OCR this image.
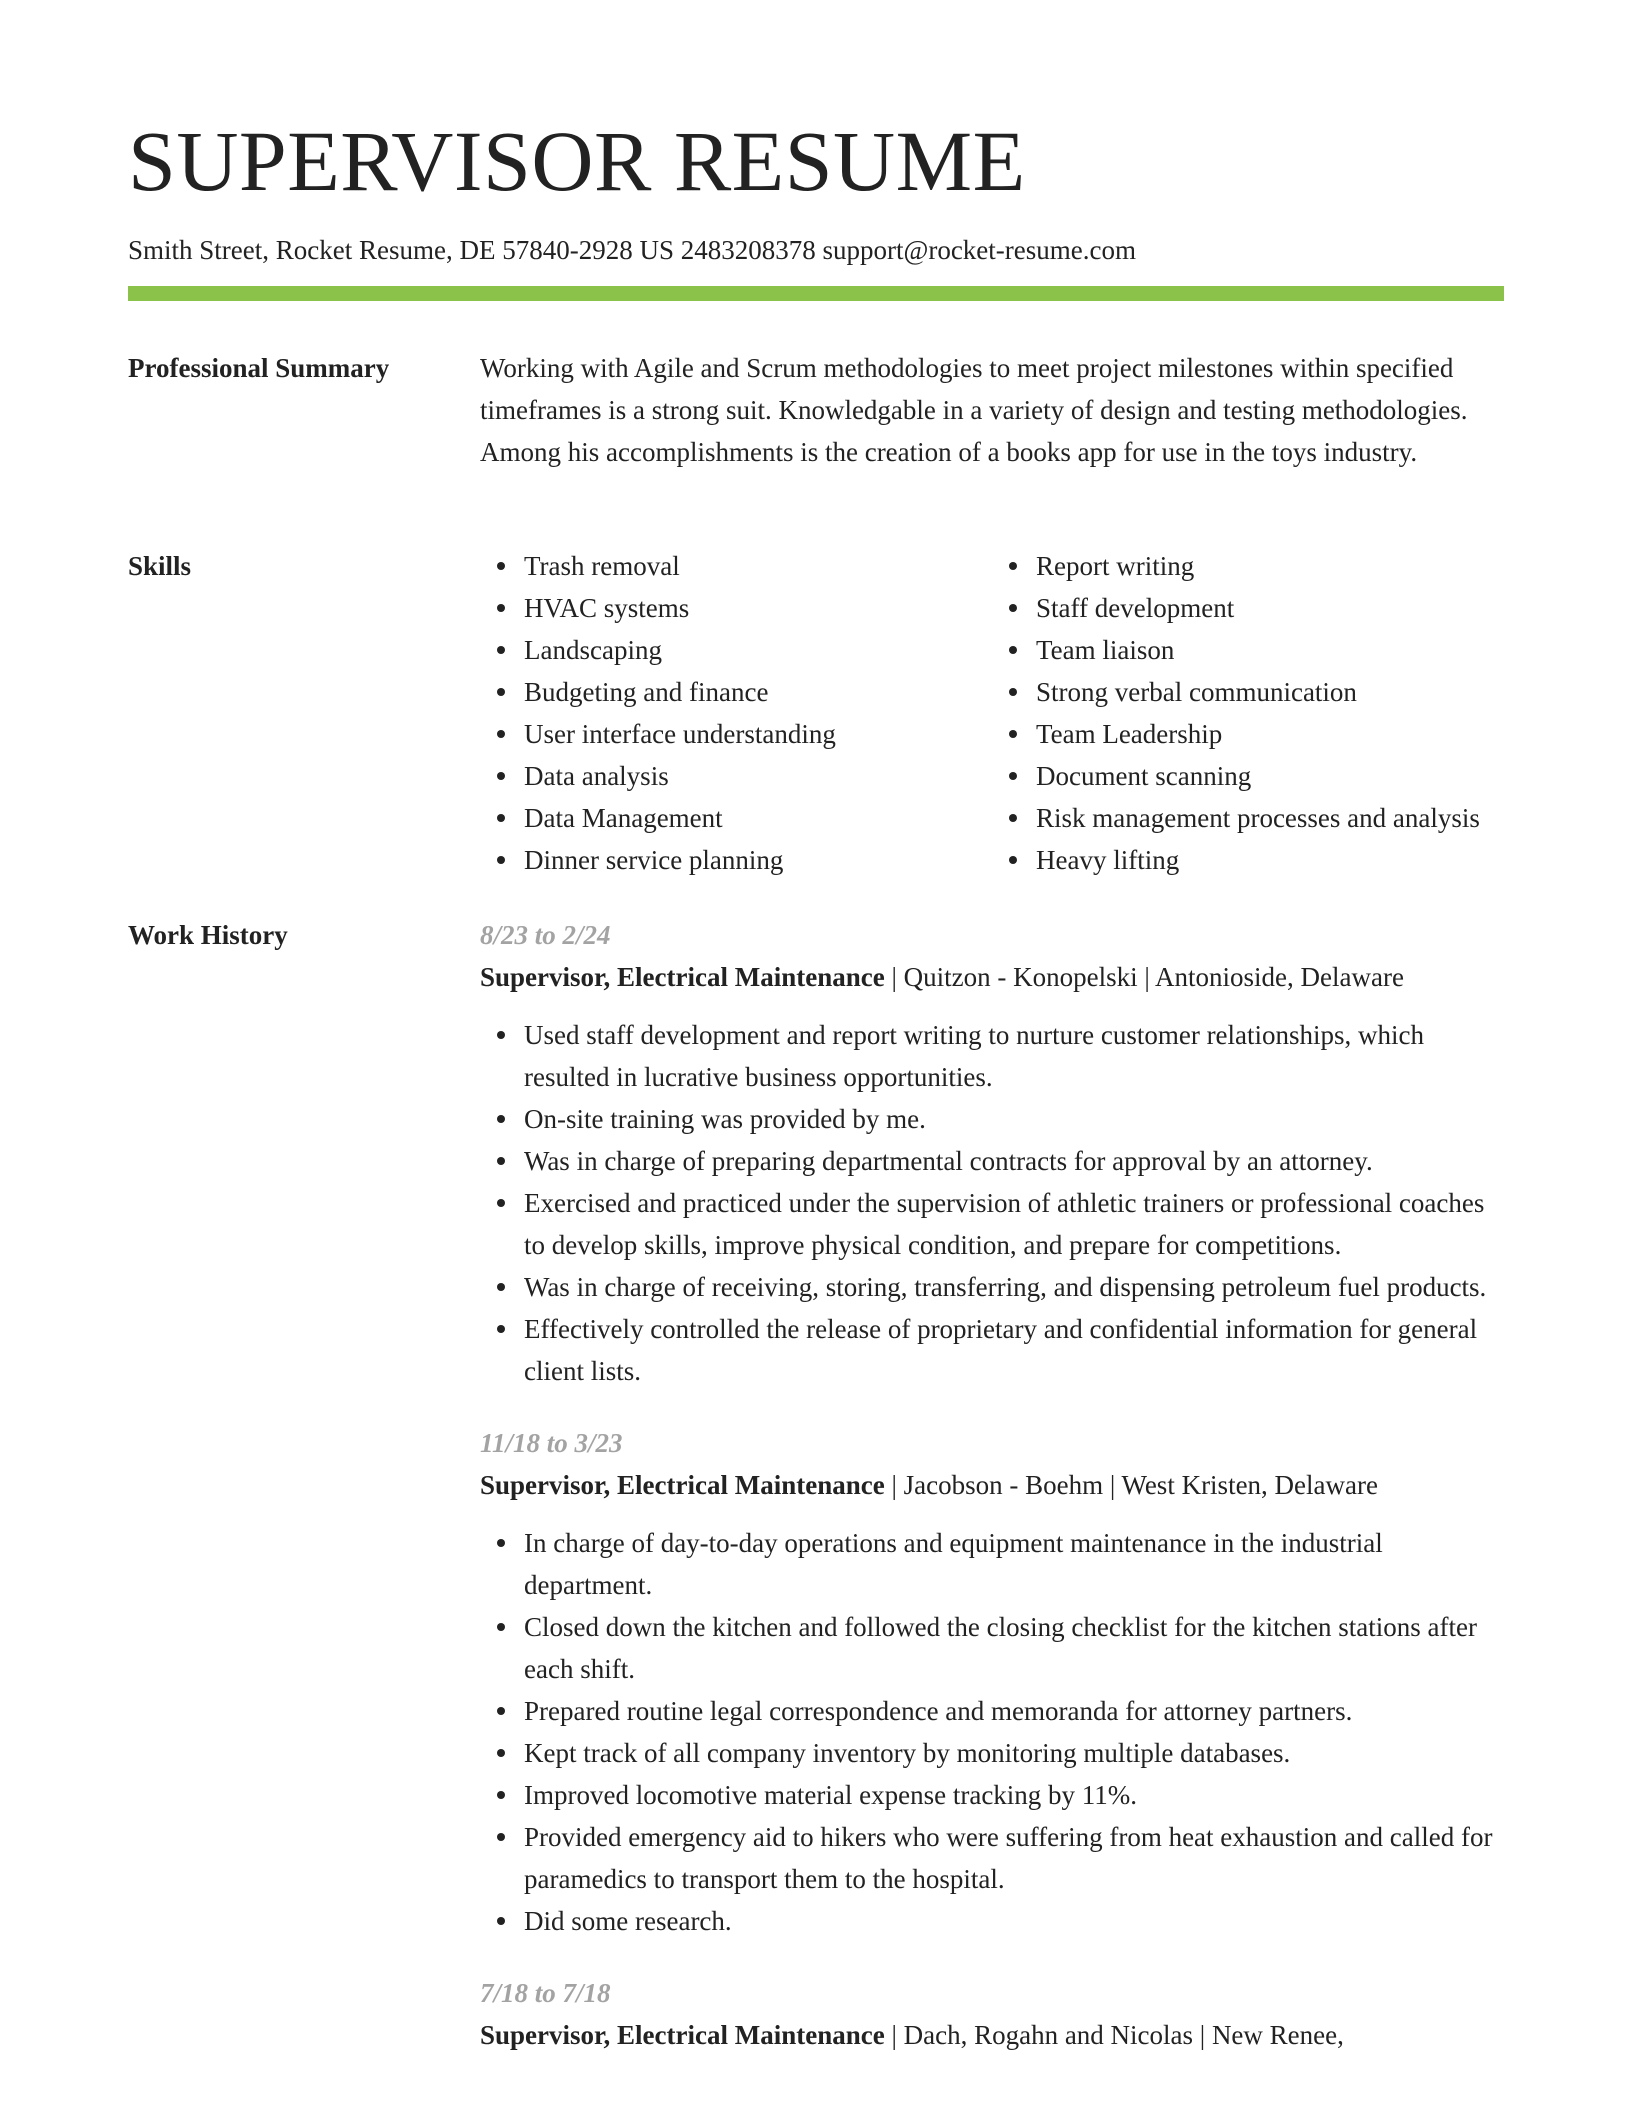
SUPERVISOR RESUME
Smith Street, Rocket Resume, DE 57840-2928 US 2483208378 support@rocket-resume.com
Professional Summary	Working with Agile and Scrum methodologies to meet project milestones within specified timeframes is a strong suit. Knowledgable in a variety of design and testing methodologies. Among his accomplishments is the creation of a books app for use in the toys industry.

Skills	Trash removal
HVAC systems
Landscaping
Budgeting and finance
User interface understanding
Data analysis
Data Management
Dinner service planning
Report writing
Staff development
Team liaison
Strong verbal communication
Team Leadership
Document scanning
Risk management processes and analysis
Heavy lifting
Work History	8/23 to 2/24
Supervisor, Electrical Maintenance | Quitzon - Konopelski | Antonioside, Delaware
Used staff development and report writing to nurture customer relationships, which resulted in lucrative business opportunities.
On-site training was provided by me.
Was in charge of preparing departmental contracts for approval by an attorney.
Exercised and practiced under the supervision of athletic trainers or professional coaches to develop skills, improve physical condition, and prepare for competitions.
Was in charge of receiving, storing, transferring, and dispensing petroleum fuel products.
Effectively controlled the release of proprietary and confidential information for general client lists.
11/18 to 3/23
Supervisor, Electrical Maintenance | Jacobson - Boehm | West Kristen, Delaware
In charge of day-to-day operations and equipment maintenance in the industrial department.
Closed down the kitchen and followed the closing checklist for the kitchen stations after each shift.
Prepared routine legal correspondence and memoranda for attorney partners.
Kept track of all company inventory by monitoring multiple databases.
Improved locomotive material expense tracking by 11%.
Provided emergency aid to hikers who were suffering from heat exhaustion and called for paramedics to transport them to the hospital.
Did some research.
7/18 to 7/18
Supervisor, Electrical Maintenance | Dach, Rogahn and Nicolas | New Renee,
